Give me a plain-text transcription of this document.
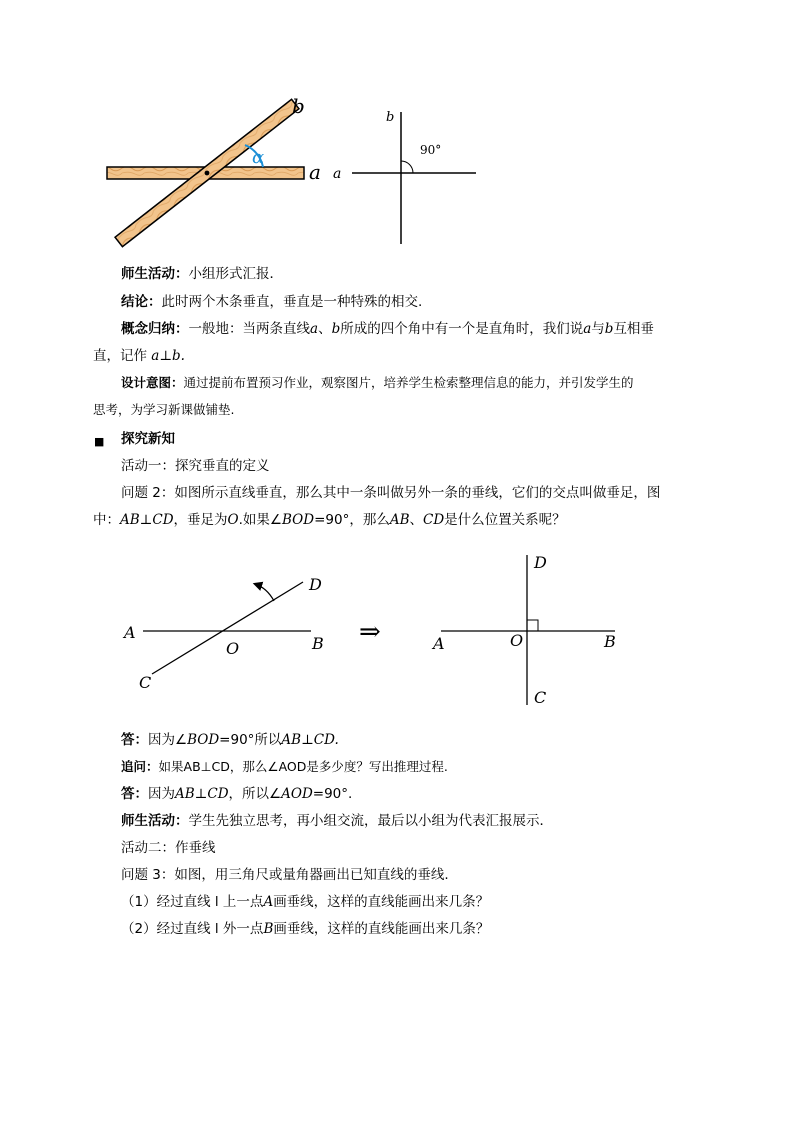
b
α
a
b
90°
a
师生活动：小组形式汇报．
结论：此时两个木条垂直，垂直是一种特殊的相交.
概念归纳：一般地：当两条直线a、b所成的四个角中有一个是直角时，我们说a与b互相垂
直，记作 a⊥b.
设计意图：通过提前布置预习作业，观察图片，培养学生检索整理信息的能力，并引发学生的
思考，为学习新课做铺垫.
■ 探究新知
活动一：探究垂直的定义
问题 2：如图所示直线垂直，那么其中一条叫做另外一条的垂线，它们的交点叫做垂足，图
中：AB⊥CD，垂足为O.如果∠BOD=90°，那么AB、CD是什么位置关系呢？
A
B
C
D
O
⇒	A	B
C
D
O
答：因为∠BOD=90°所以AB⊥CD.
追问：如果AB⊥CD，那么∠AOD是多少度？写出推理过程.
答：因为AB⊥CD，所以∠AOD=90°.
师生活动：学生先独立思考，再小组交流，最后以小组为代表汇报展示．
活动二：作垂线
问题 3：如图，用三角尺或量角器画出已知直线的垂线.
（1）经过直线 l 上一点A画垂线，这样的直线能画出来几条？
（2）经过直线 l 外一点B画垂线，这样的直线能画出来几条？
